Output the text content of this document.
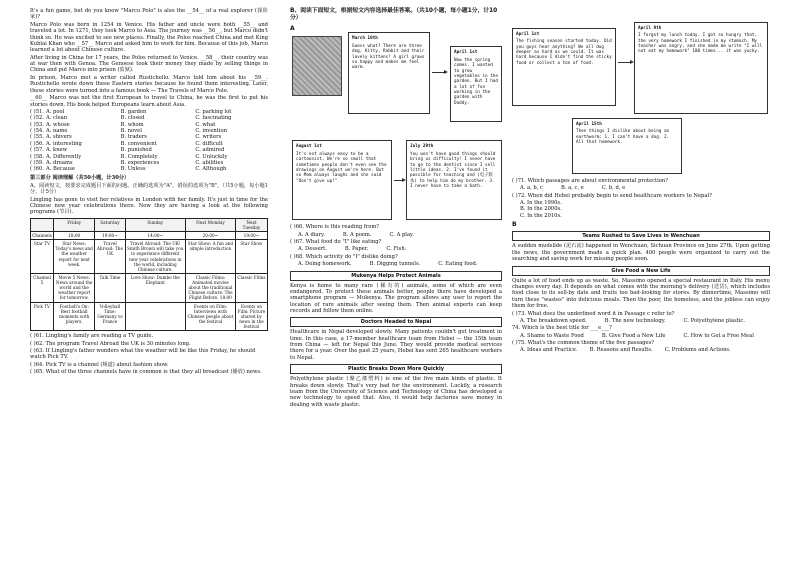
It's a fun game, but do you know "Marco Polo" is also the __54__ of a real explorer (探险家)?

Marco Polo was born in 1254 in Venice. His father and uncle were both __55__ and traveled a lot. In 1271, they took Marco to Asia. The journey was __56__, but Marco didn't think so. He was excited to see new places. Finally, the Polos reached China and met King Kublai Khan who __57__ Marco and asked him to work for him. Because of this job, Marco learned a lot about Chinese culture.

After living in China for 17 years, the Polos returned to Venice. __58__, their country was at war then with Genoa. The Genoese took their money they made by selling things in China and put Marco into prison (监狱).

In prison, Marco met a writer called Rustichello. Marco told him about his __59__. Rustichello wrote down these Eastern stories because he found them interesting. Later, these stories were turned into a famous book — The Travels of Marco Polo.

__60__ Marco was not the first European to travel to China, he was the first to put his stories down. His book helped Europeans learn about Asia.

( )51. A. pool	B. garden	C. parking lot
( )52. A. clean	B. closed	C. fascinating
( )53. A. whose	B. whom	C. what
( )54. A. name	B. novel	C. invention
( )55. A. shivers	B. traders	C. writers
( )56. A. interesting	B. convenient	C. difficult
( )57. A. knew	B. punished	C. admired
( )58. A. Differently	B. Completely	C. Unluckily
( )59. A. dreams	B. experiences	C. abilities
( )60. A. Because	B. Unless	C. Although
第三部分 阅读理解（共50小题，计30分）

A、阅读短文，按要求完成题目下面的问题。正确的选项为"A"，错误的选项为"B"。（共5小题，每小题1分，计5分）

Lingling has gone to visit her relatives in London with her family. It's just in time for the Chinese new year celebrations there. Now they are having a look at the following programs (节目).

	Friday	Saturday	Sunday	Next Monday	Next Tuesday
Channels	18:00	19:00~	14:00~	20:00~	19:00~
Star TV	Star News: Today's news and the weather report for next week.	Travel Abroad: The UK	Travel Abroad: The UK! Smith Brown will take you to experience different new year celebrations in the world, including Chinese culture.	Star Show: A fun and simple introduction	Star Show
Channel 5	Movie 5 News: News around the world and the weather report for tomorrow.	Talk Time	Love Show: Dumbo the Elephant	Classic Films: Animated movies about the traditional Chinese culture. The Flight Before, 18:00	Classic Films
Pick TV	Football's On: Best football moments with players.	Volleyball Time: Germany vs France		Events on Film: Interviews with Chinese people about the festival	Events on Film: Picture shared by news in the festival
( )61. Lingling's family are reading a TV guide.
( )62. The program Travel Abroad the UK is 30 minutes long.
( )63. If Lingling's father wonders what the weather will be like this Friday, he should watch Pick TV.
( )64. Pick TV is a channel (频道) about fashion show.
( )65. What of the three channels have in common is that they all broadcast (播放) news.
B、阅读下面短文，根据短文内容选择最佳答案。（共10小题，每小题1分，计10分）
A
March 10th
Guess what? There are three dog, Kitty, Rabbit and their lovely kittens! A girl grows so happy and makes me feel warm.
April 1st
Now the spring comes. I wanted to grow vegetables in the garden. But I had a lot of fun working in the garden with Daddy.
August 1st
It's not always easy to be a cartoonist. We're so small that sometimes people don't even see the drawings on August we're here. But so Mom always laughs and she said "Don't give up!"
July 29th
You won't have good things should bring us difficulty! I never have to go to the dentist since I sell little ideas. 2. I've found it possible for teaching and (电子版本) to help him do my brother. 3. I never have to take a bath.
( )66. Where is this reading from?
A. A diary.	B. A poem.	C. A play.
( )67. What food do "I" like eating?
A. Dessert.	B. Paper.	C. Fish.
( )68. Which activity do "I" dislike doing?
A. Doing homework.	B. Digging tunnels.	C. Eating food.
Mukenya Helps Protect Animals

Kenya is home to many rare (稀有的) animals, some of which are even endangered. To protect these animals better, people there have developed a smartphone program — Mukenya. The program allows any user to report the location of rare animals after seeing them. Then animal experts can keep records and follow them online.

Doctors Headed to Nepal

Healthcare in Nepal developed slowly. Many patients couldn't get treatment in time. In this case, a 17-member healthcare team from Hebei — the 15th team from China — left for Nepal this June. They would provide medical services there for a year. Over the past 25 years, Hebei has sent 265 healthcare workers to Nepal.

Plastic Breaks Down More Quickly

Polyethylene plastic (聚乙烯塑料) is one of the five main kinds of plastic. It breaks down slowly. That's very bad for the environment. Luckily, a research team from the University of Science and Technology of China has developed a new technology to speed that. Also, it would help factories save money in dealing with waste plastic.

April 1st
The fishing season started today. Did you guys hear anything? We all dug deeper as hard as we could. It was hard because I didn't find the sticky food or collect a ton of food.
April 9th
I forgot my lunch today. I got so hungry that, the very homework I finished in my stomach. My teacher was angry, and she made me write "I will not eat my homework" 100 times... it was yucky.
April 15th
Then things I dislike about being an earthworm: 1. I can't have a dog. 2. All that homework.
( )71. Which passages are about environmental protection?
A. a, b, c	B. a, c, e	C. b, d, e
( )72. When did Hebei probably begin to send healthcare workers to Nepal?
A. In the 1990s.
B. In the 2000s.
C. In the 2010s.
B
Teams Rushed to Save Lives in Wenchuan

A sudden mudslide (泥石流) happened in Wenchuan, Sichuan Province on June 27th. Upon getting the news, the government made a quick plan. 400 people were organized to carry out the searching and saving work for missing people soon.

Give Food a New Life

Quite a lot of food ends up as waste. So, Massimo opened a special restaurant in Italy. His menu changes every day. It depends on what comes with the morning's delivery (送货), which includes food close to its sell-by date and fruits too bad-looking for stores. By dinnertime, Massimo will turn these "wastes" into delicious meals. Then the poor, the homeless, and the jobless can enjoy them for free.

( )73. What does the underlined word it in Passage c refer to?
A. The breakdown speed.	B. The new technology.	C. Polyethylene plastic.
74. Which is the best title for ___e___?
A. Shame to Waste Food	B. Give Food a New Life	C. How to Get a Free Meal
( )75. What's the common theme of the five passages?
A. Ideas and Practice. B. Reasons and Results. C. Problems and Actions.
